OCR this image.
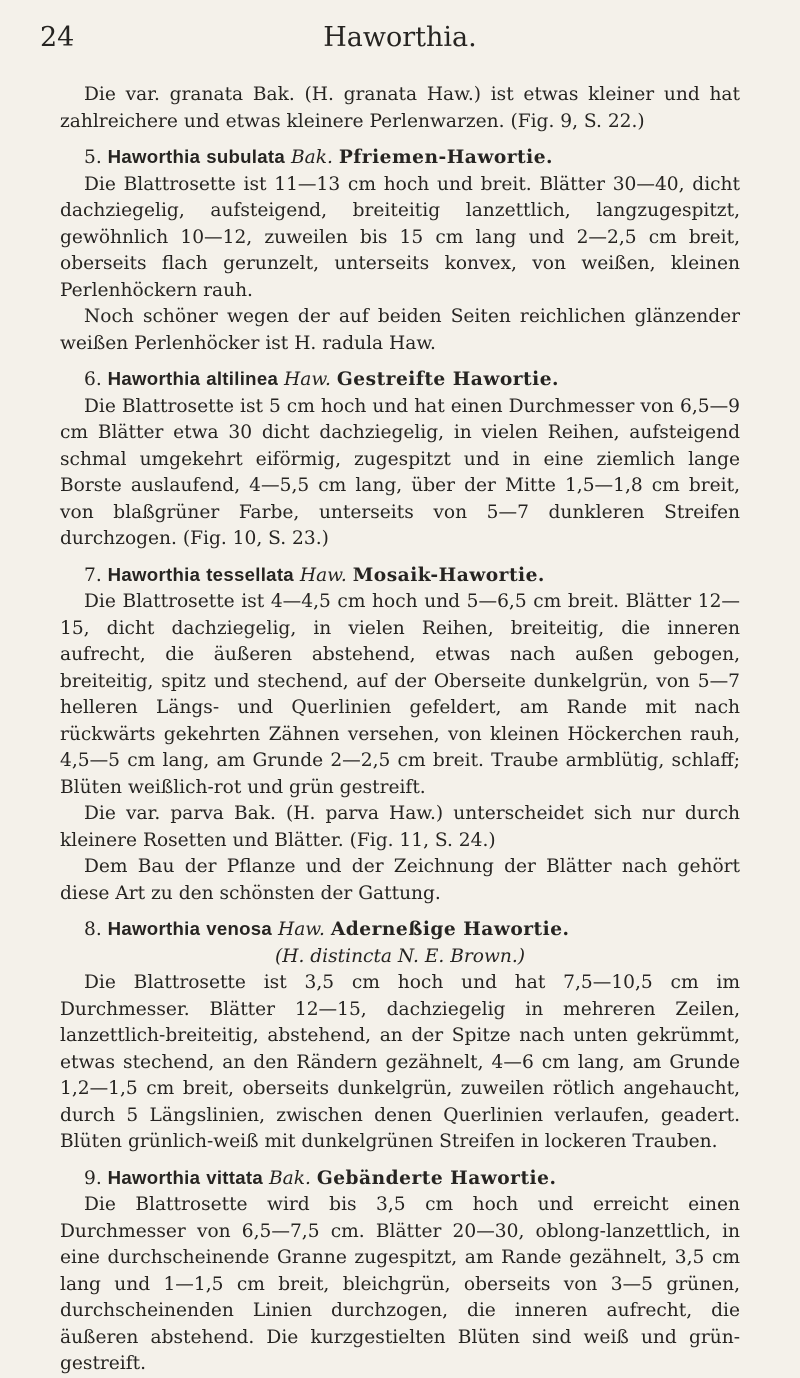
24	Haworthia.

Die var. granata Bak. (H. granata Haw.) ist etwas kleiner und hat zahlreichere und etwas kleinere Perlenwarzen. (Fig. 9, S. 22.)

5. Haworthia subulata Bak. Pfriemen-Hawortie.

Die Blattrosette ist 11—13 cm hoch und breit. Blätter 30—40, dicht dachziegelig, aufsteigend, breiteitig lanzettlich, langzugespitzt, gewöhnlich 10—12, zuweilen bis 15 cm lang und 2—2,5 cm breit, oberseits flach gerunzelt, unterseits konvex, von weißen, kleinen Perlenhöckern rauh.

Noch schöner wegen der auf beiden Seiten reichlichen glänzender weißen Perlenhöcker ist H. radula Haw.

6. Haworthia altilinea Haw. Gestreifte Hawortie.

Die Blattrosette ist 5 cm hoch und hat einen Durchmesser von 6,5—9 cm Blätter etwa 30 dicht dachziegelig, in vielen Reihen, aufsteigend schmal umgekehrt eiförmig, zugespitzt und in eine ziemlich lange Borste auslaufend, 4—5,5 cm lang, über der Mitte 1,5—1,8 cm breit, von blaßgrüner Farbe, unterseits von 5—7 dunkleren Streifen durchzogen. (Fig. 10, S. 23.)

7. Haworthia tessellata Haw. Mosaik-Hawortie.

Die Blattrosette ist 4—4,5 cm hoch und 5—6,5 cm breit. Blätter 12—15, dicht dachziegelig, in vielen Reihen, breiteitig, die inneren aufrecht, die äußeren abstehend, etwas nach außen gebogen, breiteitig, spitz und stechend, auf der Oberseite dunkelgrün, von 5—7 helleren Längs- und Querlinien gefeldert, am Rande mit nach rückwärts gekehrten Zähnen versehen, von kleinen Höckerchen rauh, 4,5—5 cm lang, am Grunde 2—2,5 cm breit. Traube armblütig, schlaff; Blüten weißlich-rot und grün gestreift.

Die var. parva Bak. (H. parva Haw.) unterscheidet sich nur durch kleinere Rosetten und Blätter. (Fig. 11, S. 24.)

Dem Bau der Pflanze und der Zeichnung der Blätter nach gehört diese Art zu den schönsten der Gattung.

8. Haworthia venosa Haw. Aderneßige Hawortie.
(H. distincta N. E. Brown.)

Die Blattrosette ist 3,5 cm hoch und hat 7,5—10,5 cm im Durchmesser. Blätter 12—15, dachziegelig in mehreren Zeilen, lanzettlich-breiteitig, abstehend, an der Spitze nach unten gekrümmt, etwas stechend, an den Rändern gezähnelt, 4—6 cm lang, am Grunde 1,2—1,5 cm breit, oberseits dunkelgrün, zuweilen rötlich angehaucht, durch 5 Längslinien, zwischen denen Querlinien verlaufen, geadert. Blüten grünlich-weiß mit dunkelgrünen Streifen in lockeren Trauben.

9. Haworthia vittata Bak. Gebänderte Hawortie.

Die Blattrosette wird bis 3,5 cm hoch und erreicht einen Durchmesser von 6,5—7,5 cm. Blätter 20—30, oblong-lanzettlich, in eine durchscheinende Granne zugespitzt, am Rande gezähnelt, 3,5 cm lang und 1—1,5 cm breit, bleichgrün, oberseits von 3—5 grünen, durchscheinenden Linien durchzogen, die inneren aufrecht, die äußeren abstehend. Die kurzgestielten Blüten sind weiß und grün-gestreift.
